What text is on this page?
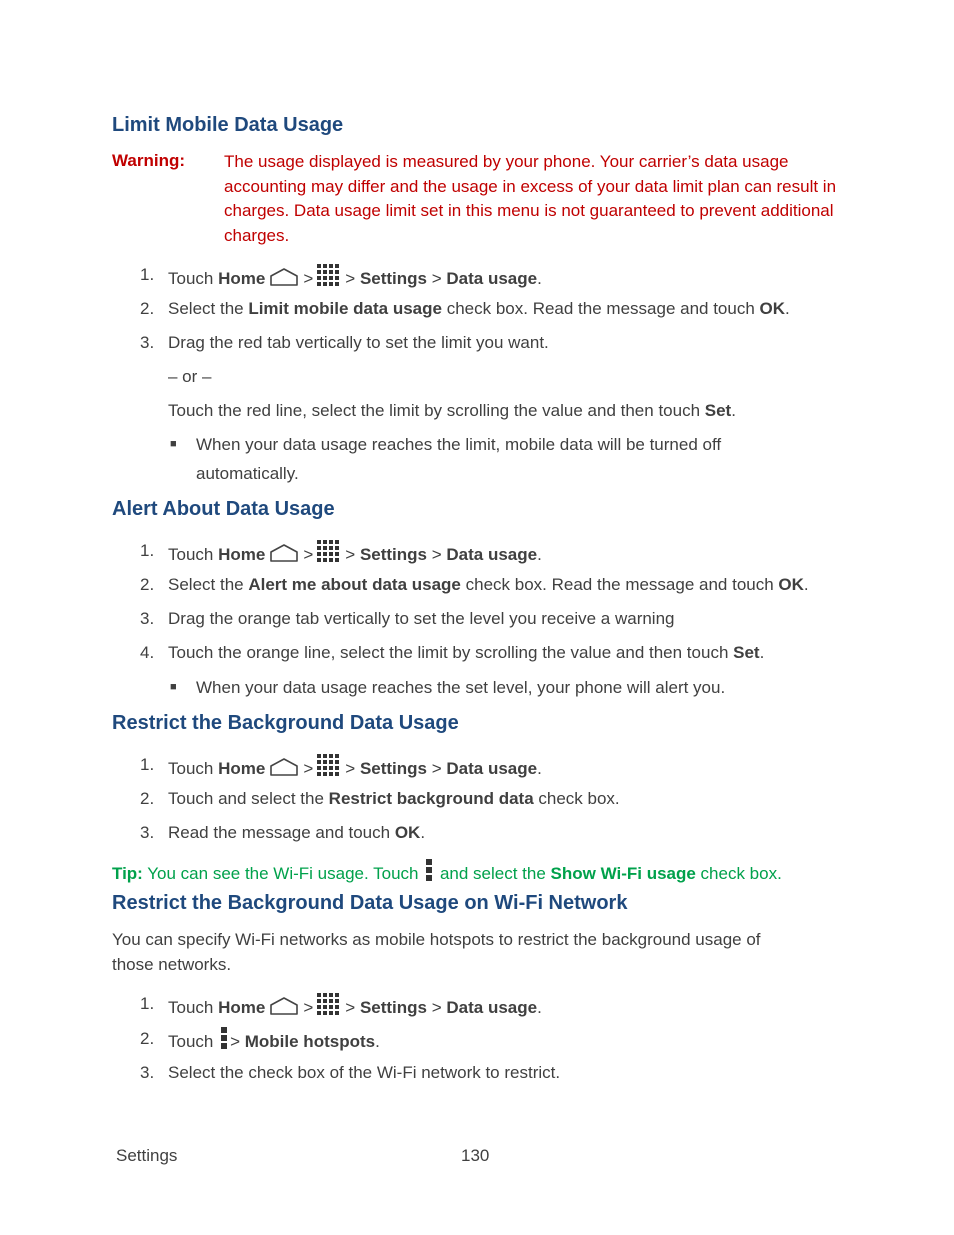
Limit Mobile Data Usage
Warning: The usage displayed is measured by your phone. Your carrier’s data usage accounting may differ and the usage in excess of your data limit plan can result in charges. Data usage limit set in this menu is not guaranteed to prevent additional charges.
1. Touch Home > > Settings > Data usage.
2. Select the Limit mobile data usage check box. Read the message and touch OK.
3. Drag the red tab vertically to set the limit you want.
– or –
Touch the red line, select the limit by scrolling the value and then touch Set.
■ When your data usage reaches the limit, mobile data will be turned off
automatically.
Alert About Data Usage
1. Touch Home > > Settings > Data usage.
2. Select the Alert me about data usage check box. Read the message and touch OK.
3. Drag the orange tab vertically to set the level you receive a warning
4. Touch the orange line, select the limit by scrolling the value and then touch Set.
■ When your data usage reaches the set level, your phone will alert you.
Restrict the Background Data Usage
1. Touch Home > > Settings > Data usage.
2. Touch and select the Restrict background data check box.
3. Read the message and touch OK.
Tip: You can see the Wi-Fi usage. Touch  and select the Show Wi-Fi usage check box.
Restrict the Background Data Usage on Wi-Fi Network
You can specify Wi-Fi networks as mobile hotspots to restrict the background usage of
those networks.
1. Touch Home > > Settings > Data usage.
2. Touch > Mobile hotspots.
3. Select the check box of the Wi-Fi network to restrict.
Settings	130
